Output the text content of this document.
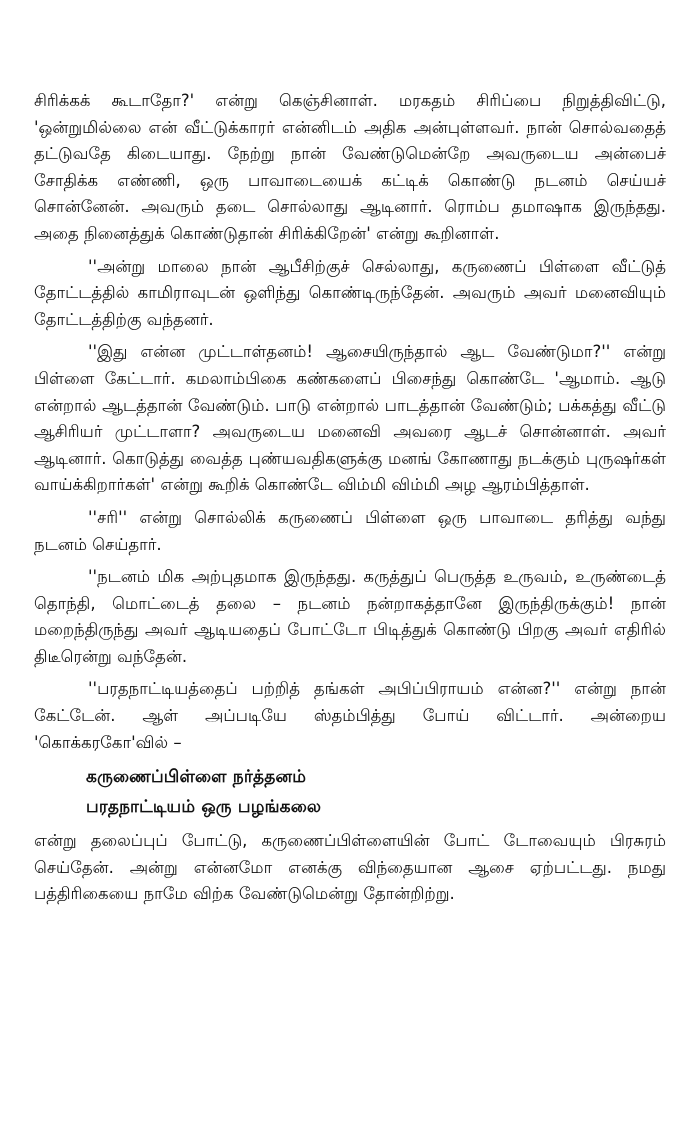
சிரிக்கக் கூடாதோ?' என்று கெஞ்சினாள். மரகதம் சிரிப்பை நிறுத்திவிட்டு, 'ஒன்றுமில்லை என் வீட்டுக்காரர் என்னிடம் அதிக அன்புள்ளவர். நான் சொல்வதைத் தட்டுவதே கிடையாது. நேற்று நான் வேண்டுமென்றே அவருடைய அன்பைச் சோதிக்க எண்ணி, ஒரு பாவாடையைக் கட்டிக் கொண்டு நடனம் செய்யச் சொன்னேன். அவரும் தடை சொல்லாது ஆடினார். ரொம்ப தமாஷாக இருந்தது. அதை நினைத்துக் கொண்டுதான் சிரிக்கிறேன்' என்று கூறினாள்.

''அன்று மாலை நான் ஆபீசிற்குச் செல்லாது, கருணைப் பிள்ளை வீட்டுத் தோட்டத்தில் காமிராவுடன் ஒளிந்து கொண்டிருந்தேன். அவரும் அவர் மனைவியும் தோட்டத்திற்கு வந்தனர்.

''இது என்ன முட்டாள்தனம்! ஆசையிருந்தால் ஆட வேண்டுமா?'' என்று பிள்ளை கேட்டார். கமலாம்பிகை கண்களைப் பிசைந்து கொண்டே 'ஆமாம். ஆடு என்றால் ஆடத்தான் வேண்டும். பாடு என்றால் பாடத்தான் வேண்டும்; பக்கத்து வீட்டு ஆசிரியர் முட்டாளா? அவருடைய மனைவி அவரை ஆடச் சொன்னாள். அவர் ஆடினார். கொடுத்து வைத்த புண்யவதிகளுக்கு மனங் கோணாது நடக்கும் புருஷர்கள் வாய்க்கிறார்கள்' என்று கூறிக் கொண்டே விம்மி விம்மி அழ ஆரம்பித்தாள்.

''சரி'' என்று சொல்லிக் கருணைப் பிள்ளை ஒரு பாவாடை தரித்து வந்து நடனம் செய்தார்.

''நடனம் மிக அற்புதமாக இருந்தது. கருத்துப் பெருத்த உருவம், உருண்டைத் தொந்தி, மொட்டைத் தலை – நடனம் நன்றாகத்தானே இருந்திருக்கும்! நான் மறைந்திருந்து அவர் ஆடியதைப் போட்டோ பிடித்துக் கொண்டு பிறகு அவர் எதிரில் திடீரென்று வந்தேன்.

''பரதநாட்டியத்தைப் பற்றித் தங்கள் அபிப்பிராயம் என்ன?'' என்று நான் கேட்டேன். ஆள் அப்படியே ஸ்தம்பித்து போய் விட்டார். அன்றைய 'கொக்கரகோ'வில் –

கருணைப்பிள்ளை நர்த்தனம்
பரதநாட்டியம் ஒரு பழங்கலை

என்று தலைப்புப் போட்டு, கருணைப்பிள்ளையின் போட் டோவையும் பிரசுரம் செய்தேன். அன்று என்னமோ எனக்கு விந்தையான ஆசை ஏற்பட்டது. நமது பத்திரிகையை நாமே விற்க வேண்டுமென்று தோன்றிற்று.
